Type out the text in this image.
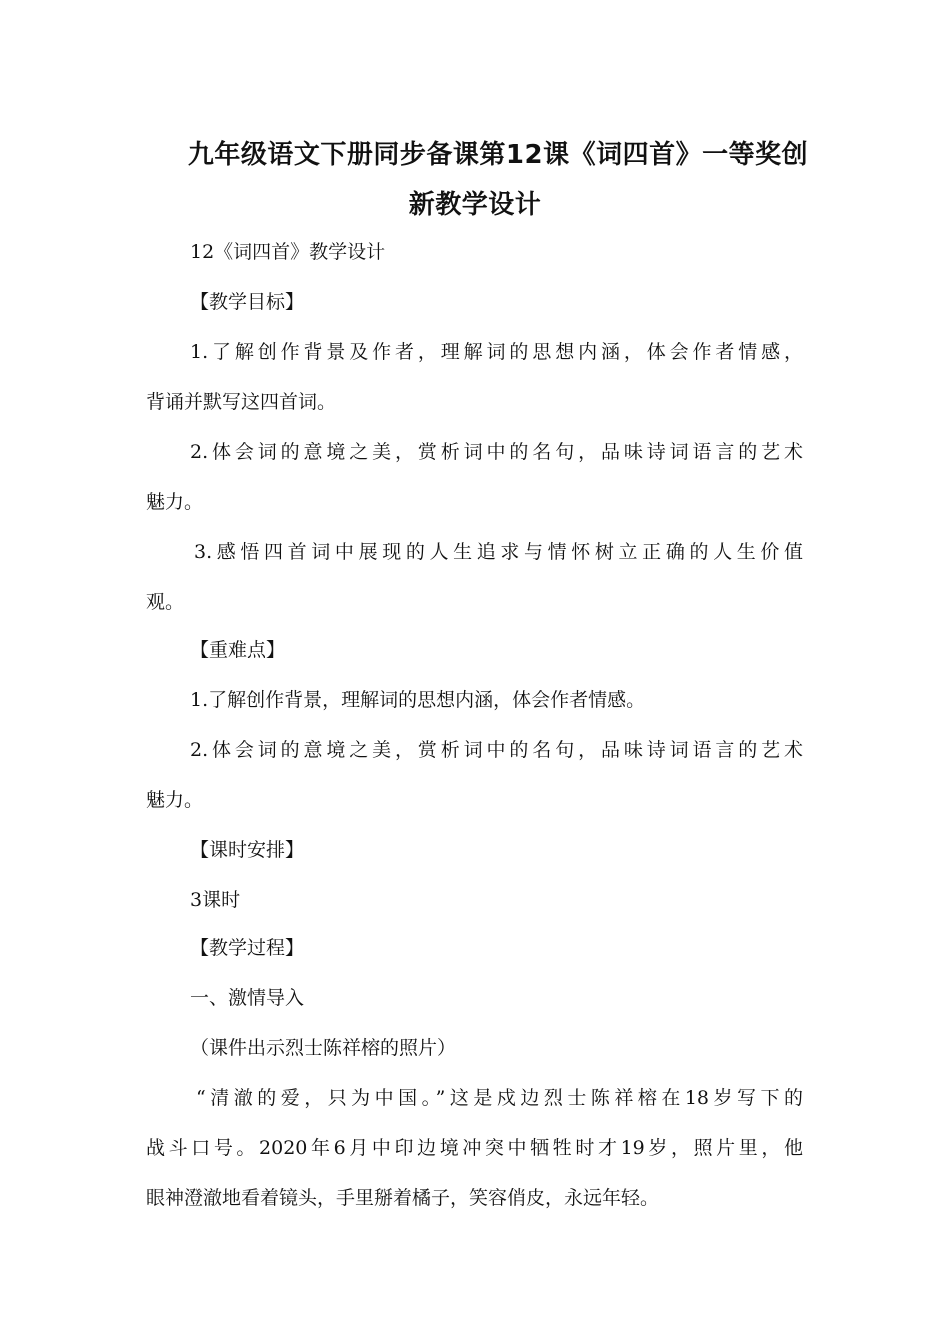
九年级语文下册同步备课第12课《词四首》一等奖创
新教学设计
12《词四首》教学设计
【教学目标】
1.了解创作背景及作者，理解词的思想内涵，体会作者情感，
背诵并默写这四首词。
2.体会词的意境之美，赏析词中的名句，品味诗词语言的艺术
魅力。
3.感悟四首词中展现的人生追求与情怀树立正确的人生价值
观。
【重难点】
1.了解创作背景，理解词的思想内涵，体会作者情感。
2.体会词的意境之美，赏析词中的名句，品味诗词语言的艺术
魅力。
【课时安排】
3课时
【教学过程】
一、激情导入
（课件出示烈士陈祥榕的照片）
“清澈的爱，只为中国。”这是戍边烈士陈祥榕在18岁写下的
战斗口号。2020年6月中印边境冲突中牺牲时才19岁，照片里，他
眼神澄澈地看着镜头，手里掰着橘子，笑容俏皮，永远年轻。
